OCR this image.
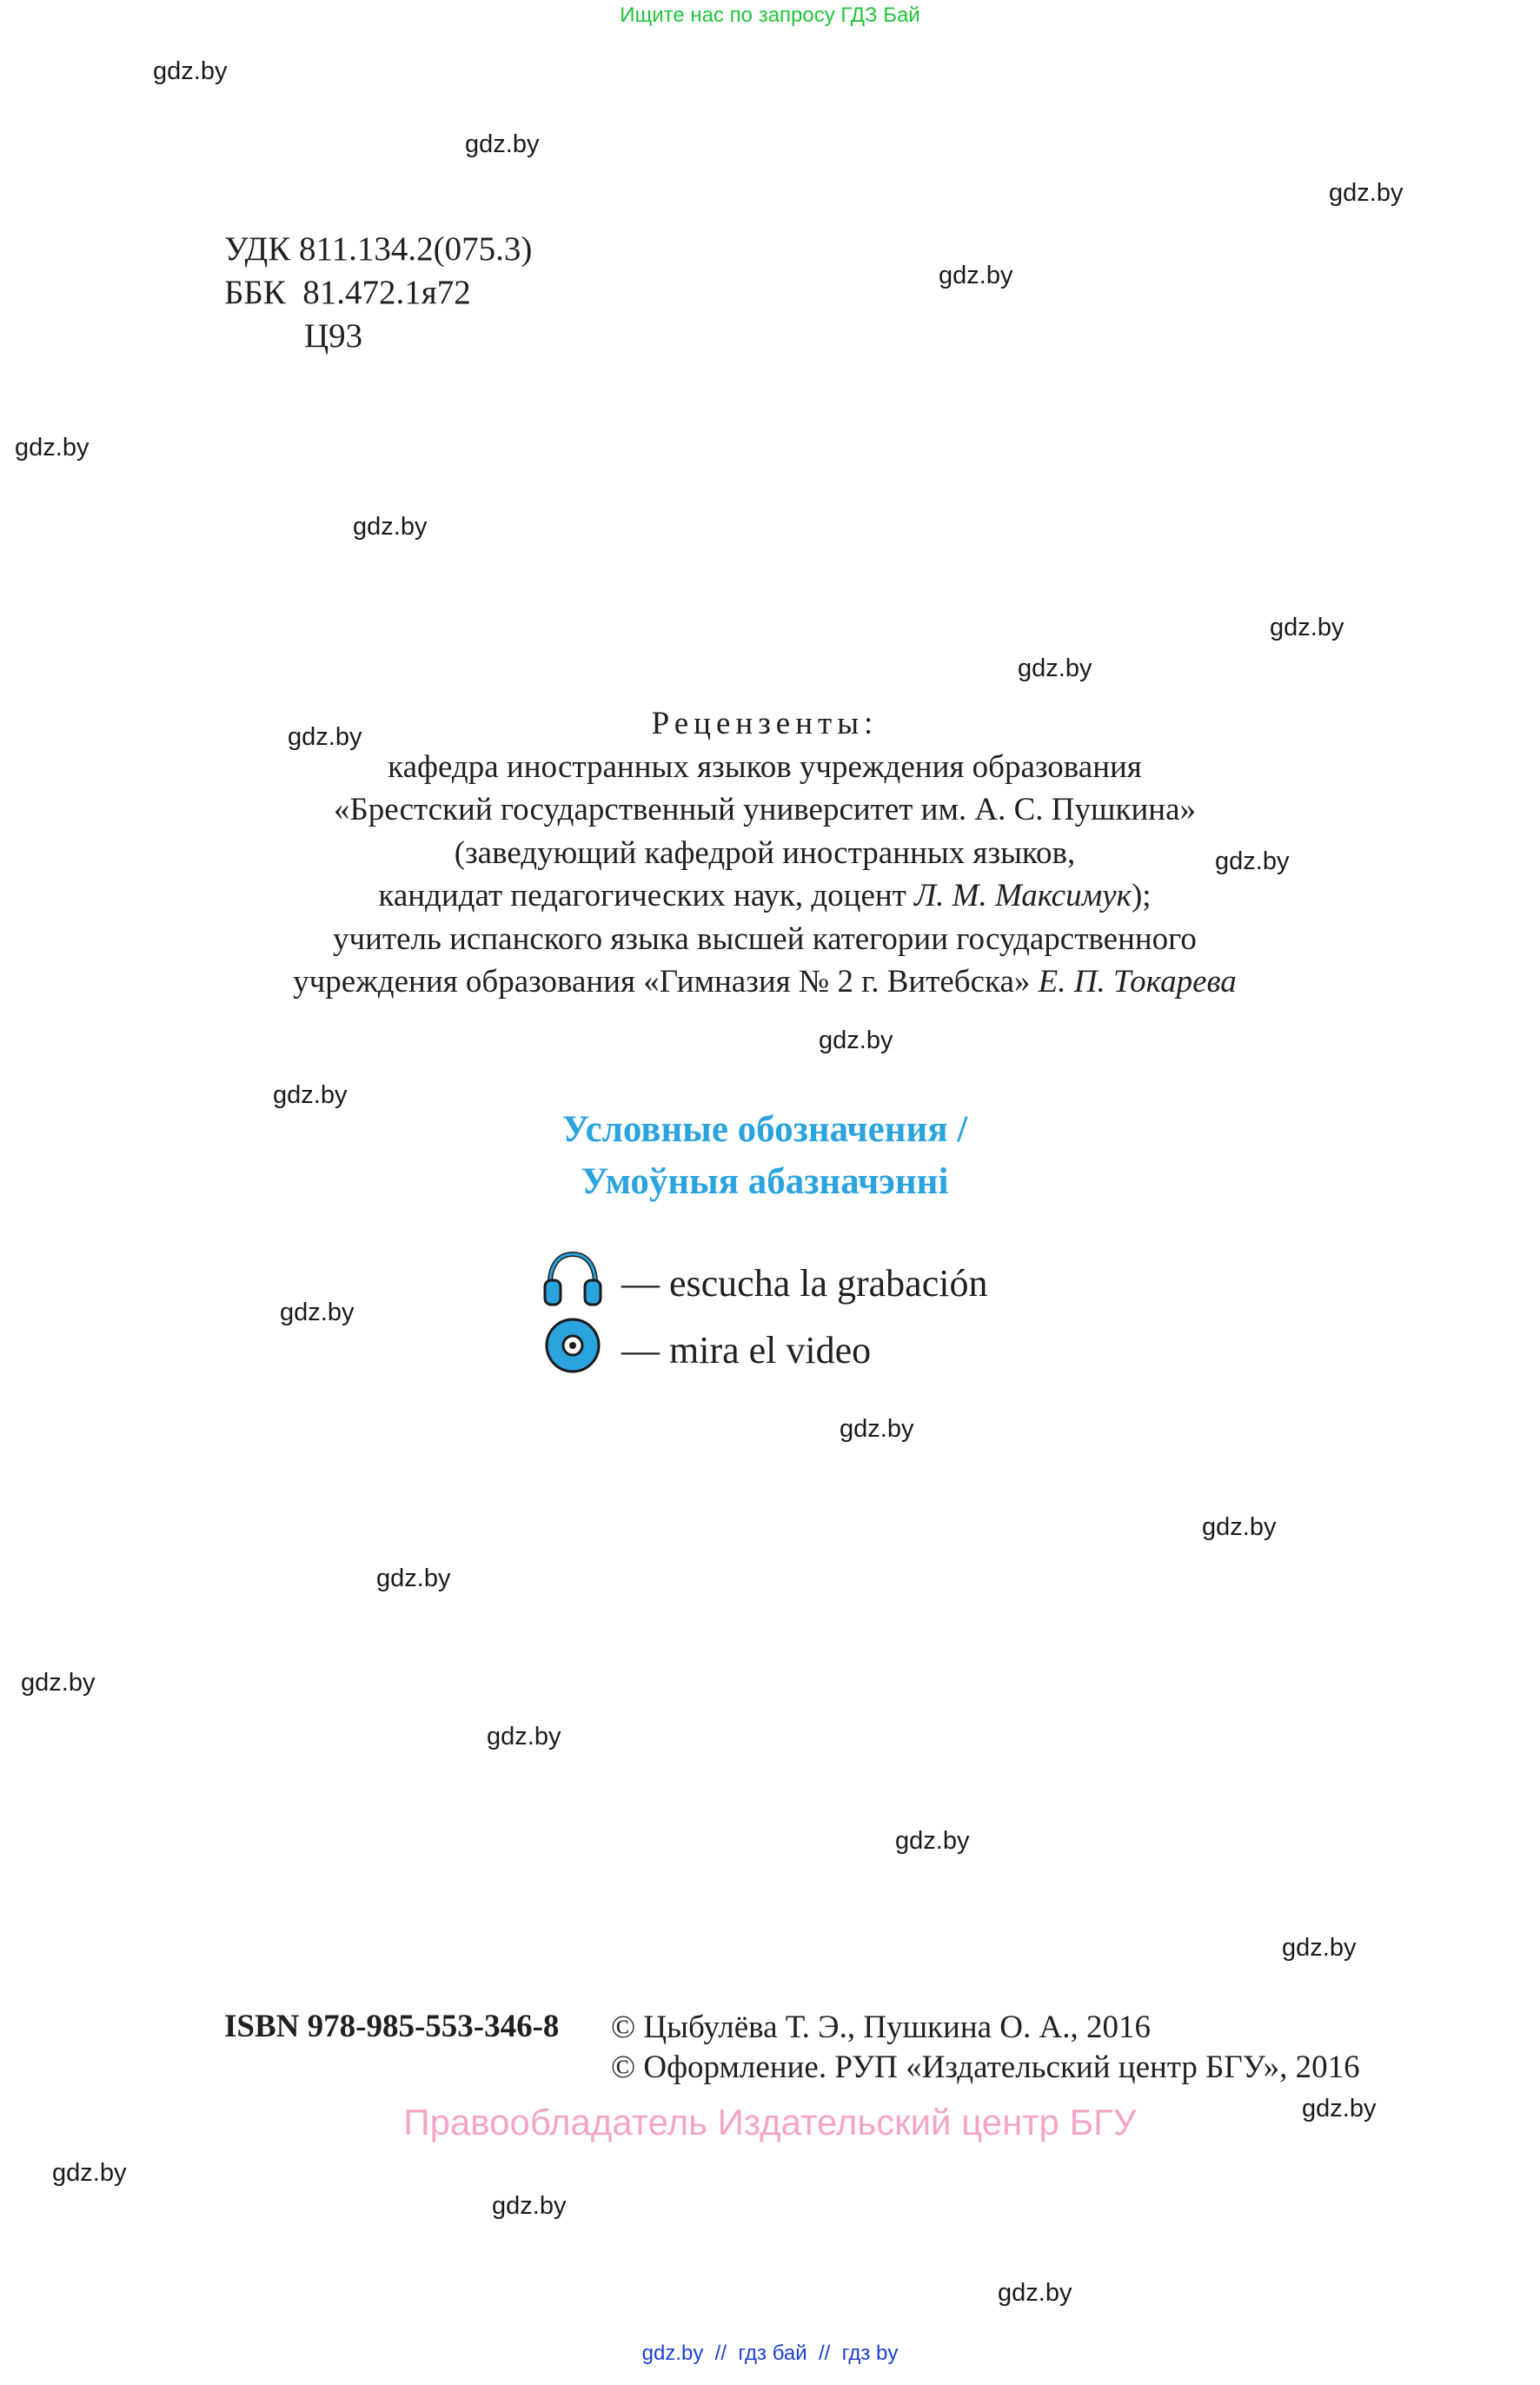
Ищите нас по запросу ГДЗ Бай
gdz.by
gdz.by
gdz.by
gdz.by
gdz.by
gdz.by
gdz.by
gdz.by
gdz.by
gdz.by
gdz.by
gdz.by
gdz.by
gdz.by
gdz.by
gdz.by
gdz.by
gdz.by
gdz.by
gdz.by
gdz.by
gdz.by
gdz.by
gdz.by
УДК 811.134.2(075.3)
ББК  81.472.1я72
Ц93
Рецензенты:
кафедра иностранных языков учреждения образования
«Брестский государственный университет им. А. С. Пушкина»
(заведующий кафедрой иностранных языков,
кандидат педагогических наук, доцент Л. М. Максимук);
учитель испанского языка высшей категории государственного
учреждения образования «Гимназия № 2 г. Витебска» Е. П. Токарева
Условные обозначения /
Умоўныя абазначэнні
— escucha la grabación
— mira el video
ISBN 978-985-553-346-8 © Цыбулёва Т. Э., Пушкина О. А., 2016
© Оформление. РУП «Издательский центр БГУ», 2016
Правообладатель Издательский центр БГУ
gdz.by  //  гдз бай  //  гдз by
